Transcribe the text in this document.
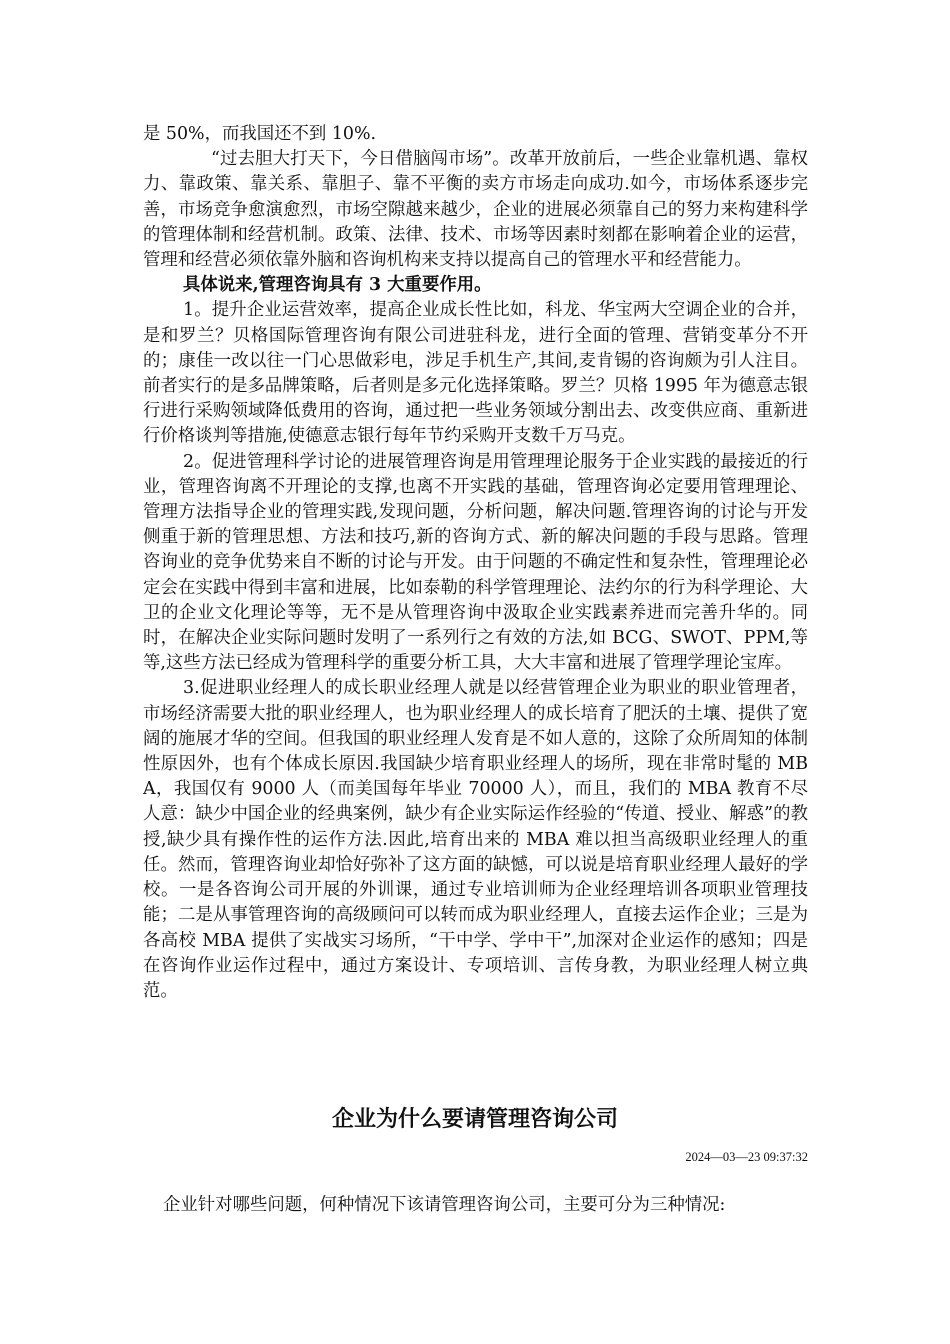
是 50%，而我国还不到 10%.

“过去胆大打天下，今日借脑闯市场”。改革开放前后，一些企业靠机遇、靠权力、靠政策、靠关系、靠胆子、靠不平衡的卖方市场走向成功.如今，市场体系逐步完善，市场竞争愈演愈烈，市场空隙越来越少，企业的进展必须靠自己的努力来构建科学的管理体制和经营机制。政策、法律、技术、市场等因素时刻都在影响着企业的运营，管理和经营必须依靠外脑和咨询机构来支持以提高自己的管理水平和经营能力。

具体说来,管理咨询具有 3 大重要作用。

1。提升企业运营效率，提高企业成长性比如，科龙、华宝两大空调企业的合并，是和罗兰？贝格国际管理咨询有限公司进驻科龙，进行全面的管理、营销变革分不开的；康佳一改以往一门心思做彩电，涉足手机生产,其间,麦肯锡的咨询颇为引人注目。前者实行的是多品牌策略，后者则是多元化选择策略。罗兰？贝格 1995 年为德意志银行进行采购领域降低费用的咨询，通过把一些业务领域分割出去、改变供应商、重新进行价格谈判等措施,使德意志银行每年节约采购开支数千万马克。

2。促进管理科学讨论的进展管理咨询是用管理理论服务于企业实践的最接近的行业，管理咨询离不开理论的支撑,也离不开实践的基础，管理咨询必定要用管理理论、管理方法指导企业的管理实践,发现问题，分析问题，解决问题.管理咨询的讨论与开发侧重于新的管理思想、方法和技巧,新的咨询方式、新的解决问题的手段与思路。管理咨询业的竞争优势来自不断的讨论与开发。由于问题的不确定性和复杂性，管理理论必定会在实践中得到丰富和进展，比如泰勒的科学管理理论、法约尔的行为科学理论、大卫的企业文化理论等等，无不是从管理咨询中汲取企业实践素养进而完善升华的。同时，在解决企业实际问题时发明了一系列行之有效的方法,如 BCG、SWOT、PPM,等等,这些方法已经成为管理科学的重要分析工具，大大丰富和进展了管理学理论宝库。

3.促进职业经理人的成长职业经理人就是以经营管理企业为职业的职业管理者，市场经济需要大批的职业经理人，也为职业经理人的成长培育了肥沃的土壤、提供了宽阔的施展才华的空间。但我国的职业经理人发育是不如人意的，这除了众所周知的体制性原因外，也有个体成长原因.我国缺少培育职业经理人的场所，现在非常时髦的 MBA，我国仅有 9000 人（而美国每年毕业 70000 人），而且，我们的 MBA 教育不尽人意：缺少中国企业的经典案例，缺少有企业实际运作经验的“传道、授业、解惑”的教授,缺少具有操作性的运作方法.因此,培育出来的 MBA 难以担当高级职业经理人的重任。然而，管理咨询业却恰好弥补了这方面的缺憾，可以说是培育职业经理人最好的学校。一是各咨询公司开展的外训课，通过专业培训师为企业经理培训各项职业管理技能；二是从事管理咨询的高级顾问可以转而成为职业经理人，直接去运作企业；三是为各高校 MBA 提供了实战实习场所，“干中学、学中干”,加深对企业运作的感知；四是在咨询作业运作过程中，通过方案设计、专项培训、言传身教，为职业经理人树立典范。

企业为什么要请管理咨询公司

2024—03—23 09:37:32

企业针对哪些问题，何种情况下该请管理咨询公司，主要可分为三种情况:
